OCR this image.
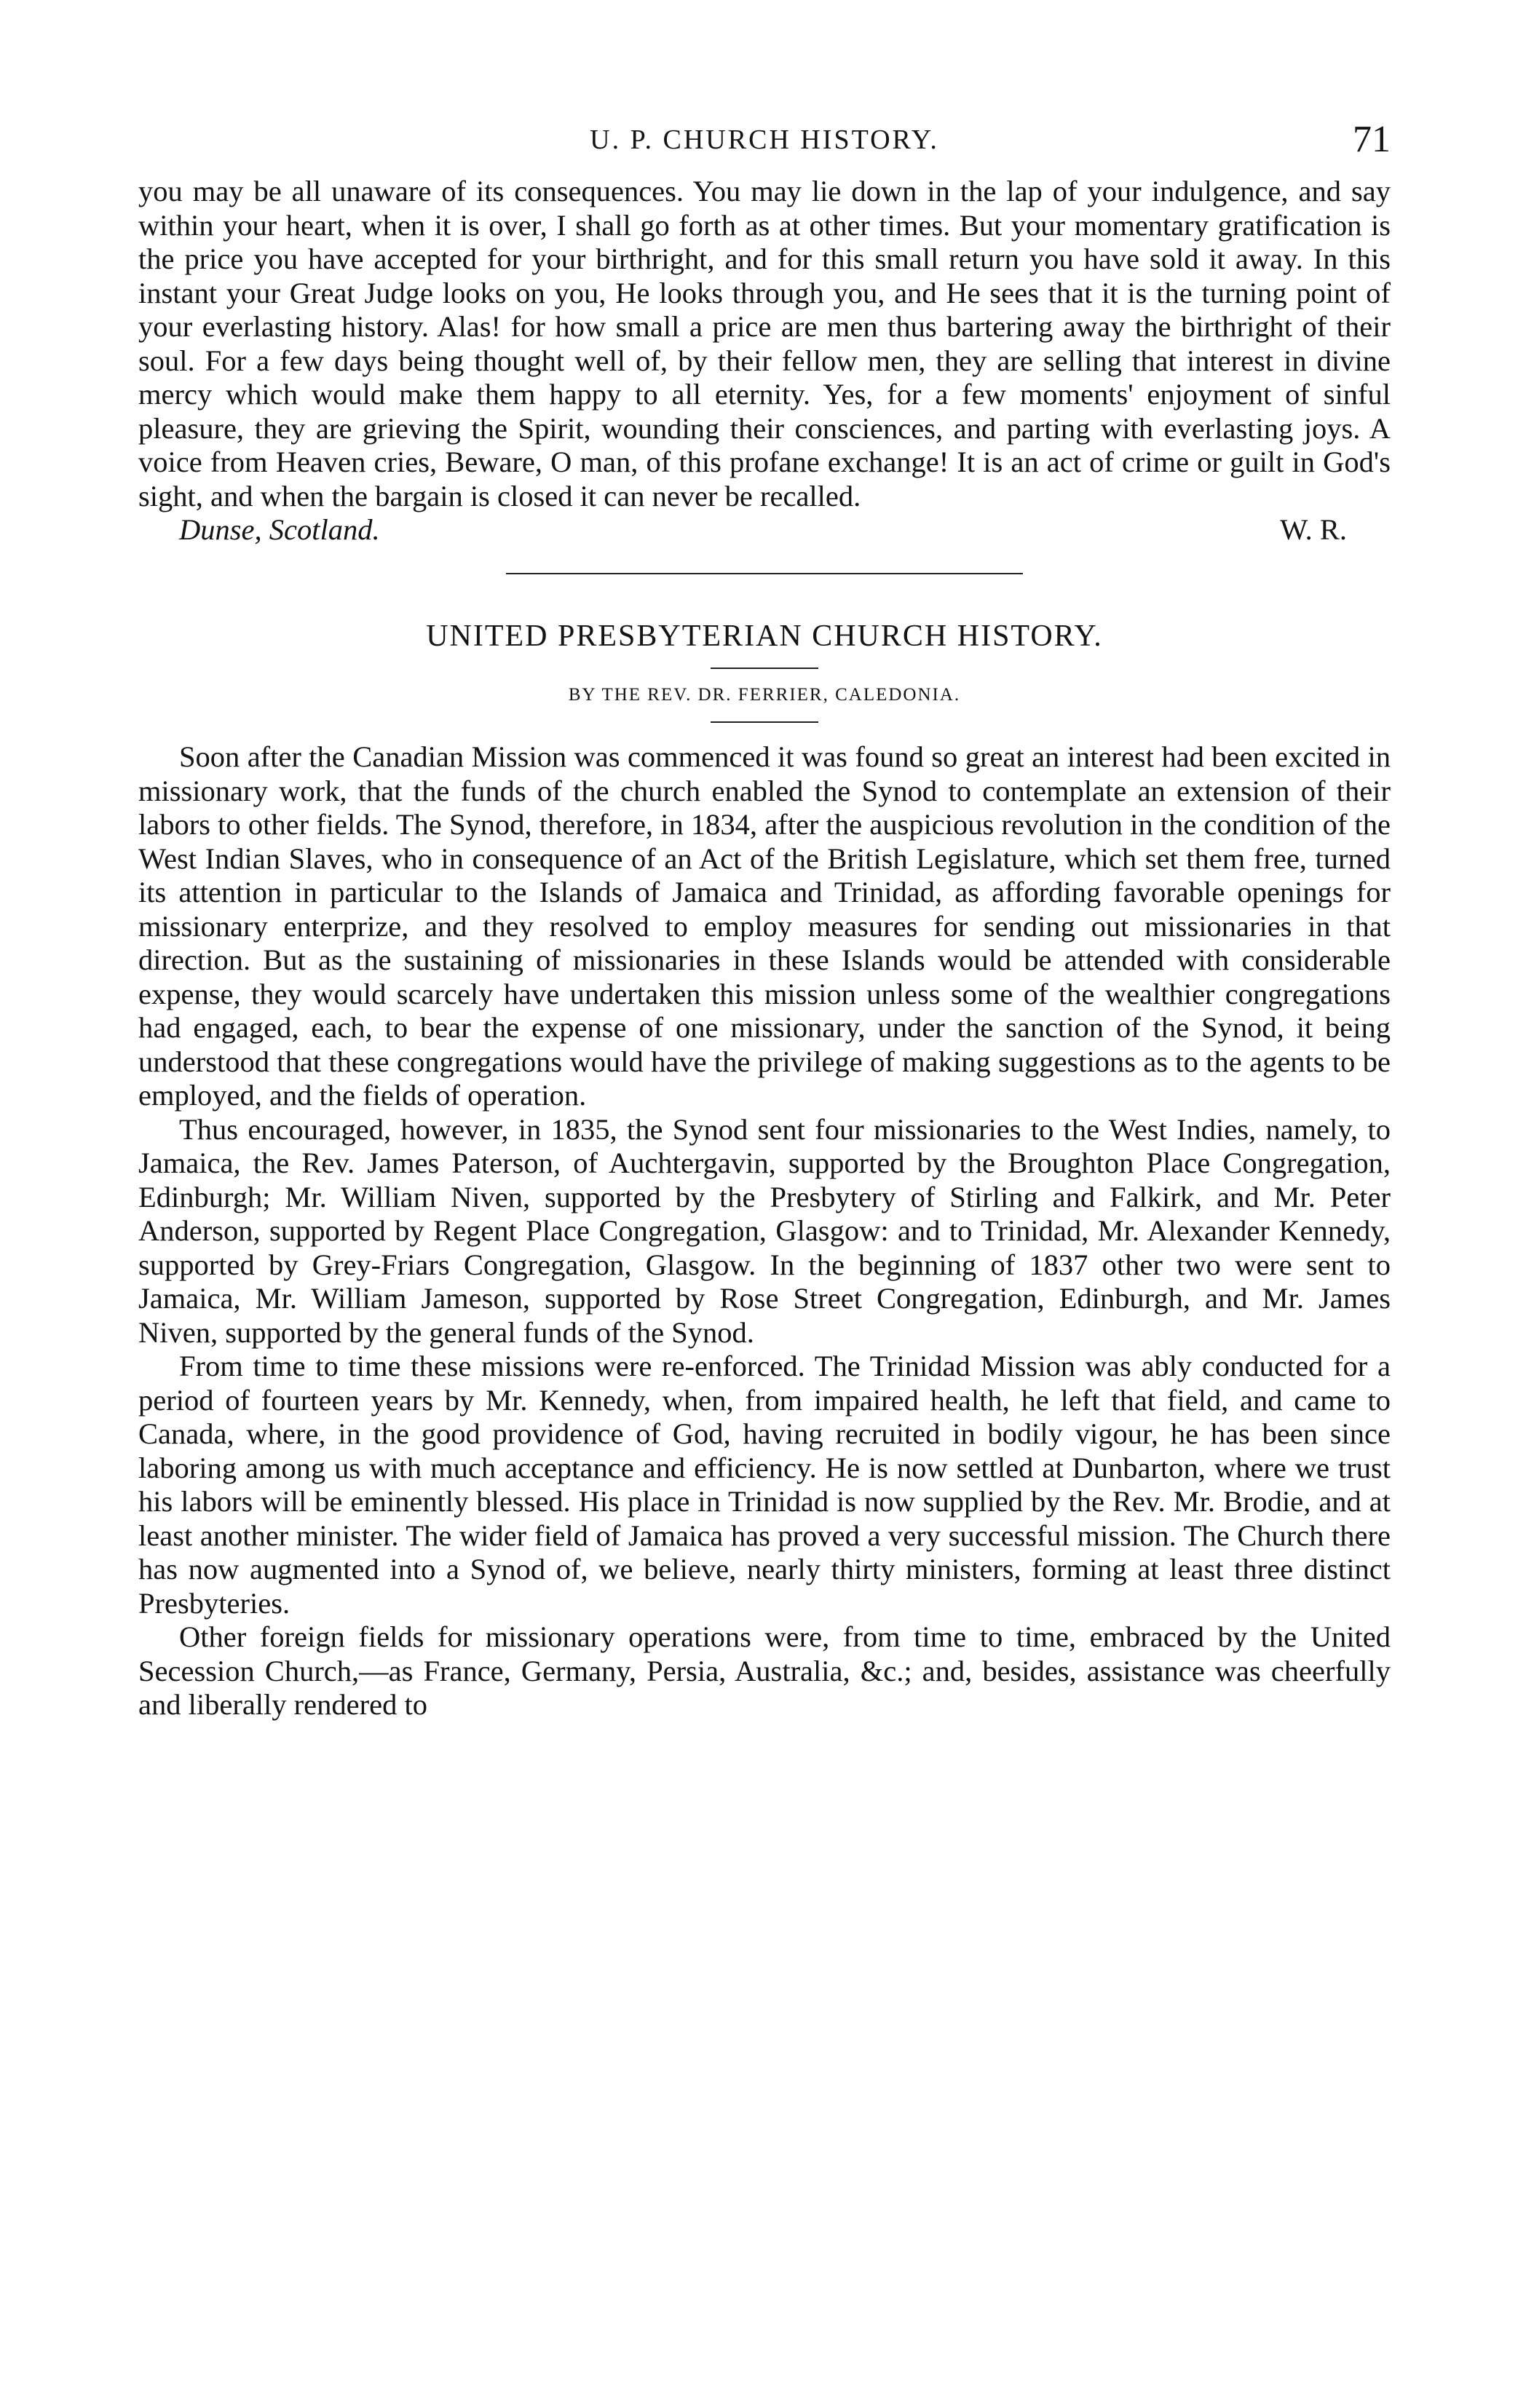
U. P. CHURCH HISTORY.	71

you may be all unaware of its consequences. You may lie down in the lap of your indulgence, and say within your heart, when it is over, I shall go forth as at other times. But your momentary gratification is the price you have accepted for your birthright, and for this small return you have sold it away. In this instant your Great Judge looks on you, He looks through you, and He sees that it is the turning point of your everlasting history. Alas! for how small a price are men thus bartering away the birthright of their soul. For a few days being thought well of, by their fellow men, they are selling that interest in divine mercy which would make them happy to all eternity. Yes, for a few moments' enjoyment of sinful pleasure, they are grieving the Spirit, wounding their consciences, and parting with everlasting joys. A voice from Heaven cries, Beware, O man, of this profane exchange! It is an act of crime or guilt in God's sight, and when the bargain is closed it can never be recalled.

Dunse, Scotland.	W. R.
UNITED PRESBYTERIAN CHURCH HISTORY.
BY THE REV. DR. FERRIER, CALEDONIA.

Soon after the Canadian Mission was commenced it was found so great an interest had been excited in missionary work, that the funds of the church enabled the Synod to contemplate an extension of their labors to other fields. The Synod, therefore, in 1834, after the auspicious revolution in the condition of the West Indian Slaves, who in consequence of an Act of the British Legislature, which set them free, turned its attention in particular to the Islands of Jamaica and Trinidad, as affording favorable openings for missionary enterprize, and they resolved to employ measures for sending out missionaries in that direction. But as the sustaining of missionaries in these Islands would be attended with considerable expense, they would scarcely have undertaken this mission unless some of the wealthier congregations had engaged, each, to bear the expense of one missionary, under the sanction of the Synod, it being understood that these congregations would have the privilege of making suggestions as to the agents to be employed, and the fields of operation.

Thus encouraged, however, in 1835, the Synod sent four missionaries to the West Indies, namely, to Jamaica, the Rev. James Paterson, of Auchtergavin, supported by the Broughton Place Congregation, Edinburgh; Mr. William Niven, supported by the Presbytery of Stirling and Falkirk, and Mr. Peter Anderson, supported by Regent Place Congregation, Glasgow: and to Trinidad, Mr. Alexander Kennedy, supported by Grey-Friars Congregation, Glasgow. In the beginning of 1837 other two were sent to Jamaica, Mr. William Jameson, supported by Rose Street Congregation, Edinburgh, and Mr. James Niven, supported by the general funds of the Synod.

From time to time these missions were re-enforced. The Trinidad Mission was ably conducted for a period of fourteen years by Mr. Kennedy, when, from impaired health, he left that field, and came to Canada, where, in the good providence of God, having recruited in bodily vigour, he has been since laboring among us with much acceptance and efficiency. He is now settled at Dunbarton, where we trust his labors will be eminently blessed. His place in Trinidad is now supplied by the Rev. Mr. Brodie, and at least another minister. The wider field of Jamaica has proved a very successful mission. The Church there has now augmented into a Synod of, we believe, nearly thirty ministers, forming at least three distinct Presbyteries.

Other foreign fields for missionary operations were, from time to time, embraced by the United Secession Church,—as France, Germany, Persia, Australia, &c.; and, besides, assistance was cheerfully and liberally rendered to
